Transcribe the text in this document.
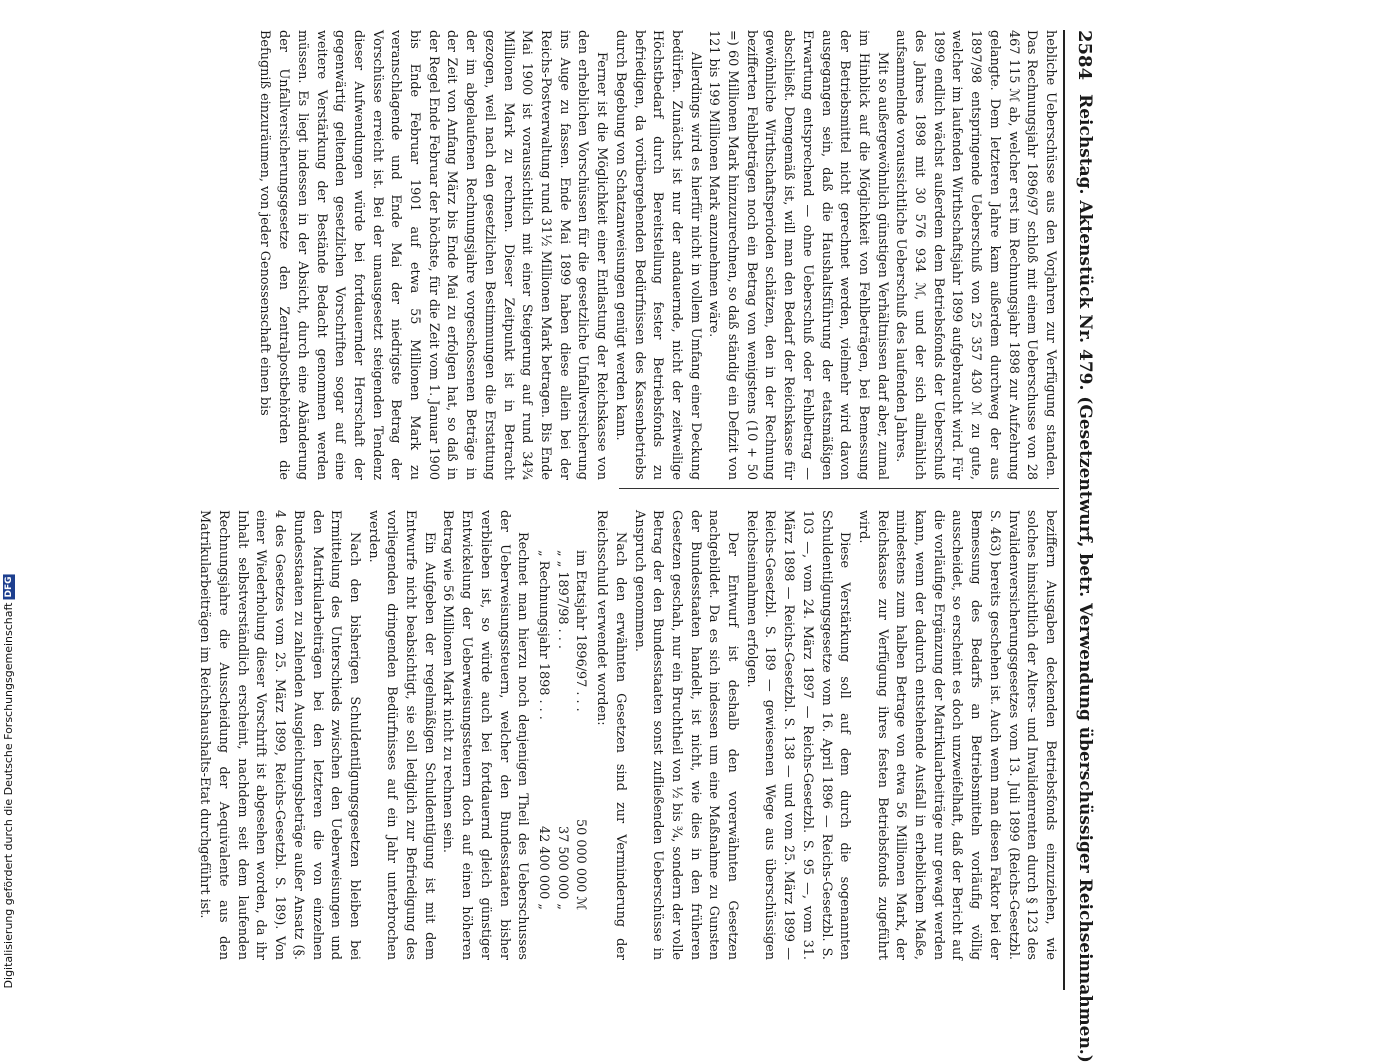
2584
Reichstag. Aktenstück Nr. 479. (Gesetzentwurf, betr. Verwendung überschüssiger Reichseinnahmen.)

hebliche Ueberschüsse aus den Vorjahren zur Verfügung standen. Das Rechnungsjahr 1896/97 schloß mit einem Ueberschusse von 28 467 115 ℳ ab, welcher erst im Rechnungsjahr 1898 zur Aufzehrung gelangte. Dem letzteren Jahre kam außerdem durchweg der aus 1897/98 entspringende Ueberschuß von 25 357 430 ℳ zu gute, welcher im laufenden Wirthschaftsjahr 1899 aufgebraucht wird. Für 1899 endlich wächst außerdem dem Betriebsfonds der Ueberschuß des Jahres 1898 mit 30 576 934 ℳ, und der sich allmählich aufsammelnde voraussichtliche Ueberschuß des laufenden Jahres.

Mit so außergewöhnlich günstigen Verhältnissen darf aber, zumal im Hinblick auf die Möglichkeit von Fehlbeträgen, bei Bemessung der Betriebsmittel nicht gerechnet werden, vielmehr wird davon ausgegangen sein, daß die Haushaltsführung der etatsmäßigen Erwartung entsprechend — ohne Ueberschuß oder Fehlbetrag — abschließt. Demgemäß ist, will man den Bedarf der Reichskasse für gewöhnliche Wirthschaftsperioden schätzen, den in der Rechnung bezifferten Fehlbeträgen noch ein Betrag von wenigstens (10 + 50 =) 60 Millionen Mark hinzuzurechnen, so daß ständig ein Defizit von 121 bis 199 Millionen Mark anzunehmen wäre.

Allerdings wird es hierfür nicht in vollem Umfang einer Deckung bedürfen. Zunächst ist nur der andauernde, nicht der zeitweilige Höchstbedarf durch Bereitstellung fester Betriebsfonds zu befriedigen, da vorübergehenden Bedürfnissen des Kassenbetriebs durch Begebung von Schatzanweisungen genügt werden kann.

Ferner ist die Möglichkeit einer Entlastung der Reichskasse von den erheblichen Vorschüssen für die gesetzliche Unfallversicherung ins Auge zu fassen. Ende Mai 1899 haben diese allein bei der Reichs-Postverwaltung rund 31½ Millionen Mark betragen. Bis Ende Mai 1900 ist voraussichtlich mit einer Steigerung auf rund 34¾ Millionen Mark zu rechnen. Dieser Zeitpunkt ist in Betracht gezogen, weil nach den gesetzlichen Bestimmungen die Erstattung der im abgelaufenen Rechnungsjahre vorgeschossenen Beträge in der Zeit von Anfang März bis Ende Mai zu erfolgen hat, so daß in der Regel Ende Februar der höchste, für die Zeit vom 1. Januar 1900 bis Ende Februar 1901 auf etwa 55 Millionen Mark zu veranschlagende und Ende Mai der niedrigste Betrag der Vorschüsse erreicht ist. Bei der unausgesetzt steigenden Tendenz dieser Aufwendungen würde bei fortdauernder Herrschaft der gegenwärtig geltenden gesetzlichen Vorschriften sogar auf eine weitere Verstärkung der Bestände Bedacht genommen werden müssen. Es liegt indessen in der Absicht, durch eine Abänderung der Unfallversicherungsgesetze den Zentralpostbehörden die Befugniß einzuräumen, von jeder Genossenschaft einen bis

beziffern Ausgaben deckenden Betriebsfonds einzuziehen, wie solches hinsichtlich der Alters- und Invalidenrenten durch § 123 des Invalidenversicherungsgesetzes vom 13. Juli 1899 (Reichs-Gesetzbl. S. 463) bereits geschehen ist. Auch wenn man diesen Faktor bei der Bemessung des Bedarfs an Betriebsmitteln vorläufig völlig ausscheidet, so erscheint es doch unzweifelhaft, daß der Bericht auf die vorläufige Ergänzung der Matrikularbeiträge nur gewagt werden kann, wenn der dadurch entstehende Ausfall in erheblichem Maße, mindestens zum halben Betrage von etwa 56 Millionen Mark, der Reichskasse zur Verfügung ihres festen Betriebsfonds zugeführt wird.

Diese Verstärkung soll auf dem durch die sogenannten Schuldentilgungsgesetze vom 16. April 1896 — Reichs-Gesetzbl. S. 103 —, vom 24. März 1897 — Reichs-Gesetzbl. S. 95 —, vom 31. März 1898 — Reichs-Gesetzbl. S. 138 — und vom 25. März 1899 — Reichs-Gesetzbl. S. 189 — gewiesenen Wege aus überschüssigen Reichseinnahmen erfolgen.

Der Entwurf ist deshalb den vorerwähnten Gesetzen nachgebildet. Da es sich indessen um eine Maßnahme zu Gunsten der Bundesstaaten handelt, ist nicht, wie dies in den früheren Gesetzen geschah, nur ein Bruchtheil von ½ bis ¾, sondern der volle Betrag der den Bundesstaaten sonst zufließenden Ueberschüsse in Anspruch genommen.

Nach den erwähnten Gesetzen sind zur Verminderung der Reichsschuld verwendet worden:

im Etatsjahr 1896/97 . . .
50 000 000 ℳ
„ „ 1897/98 . . .
37 500 000 „
„ Rechnungsjahr 1898 . . .
42 400 000 „

Rechnet man hierzu noch denjenigen Theil des Ueberschusses der Ueberweisungssteuern, welcher den Bundesstaaten bisher verblieben ist, so würde auch bei fortdauernd gleich günstiger Entwickelung der Ueberweisungssteuern doch auf einen höheren Betrag wie 56 Millionen Mark nicht zu rechnen sein.

Ein Aufgeben der regelmäßigen Schuldentilgung ist mit dem Entwurfe nicht beabsichtigt, sie soll lediglich zur Befriedigung des vorliegenden dringenden Bedürfnisses auf ein Jahr unterbrochen werden.

Nach den bisherigen Schuldentilgungsgesetzen bleiben bei Ermittelung des Unterschieds zwischen den Ueberweisungen und den Matrikularbeiträgen bei den letzteren die von einzelnen Bundesstaaten zu zahlenden Ausgleichungsbeträge außer Ansatz (§. 4 des Gesetzes vom 25. März 1899, Reichs-Gesetzbl. S. 189). Von einer Wiederholung dieser Vorschrift ist abgesehen worden, da ihr Inhalt selbstverständlich erscheint, nachdem seit dem laufenden Rechnungsjahre die Ausscheidung der Aequivalente aus den Matrikularbeiträgen im Reichshaushalts-Etat durchgeführt ist.

Digitalisierung gefördert durch die Deutsche Forschungsgemeinschaft DFG
